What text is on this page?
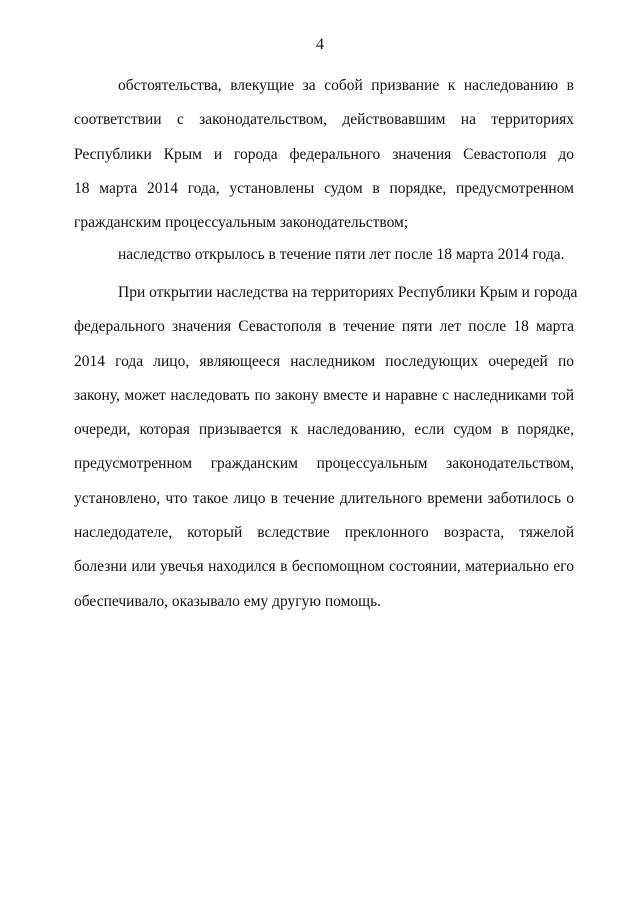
4
обстоятельства, влекущие за собой призвание к наследованию в
соответствии с законодательством, действовавшим на территориях
Республики Крым и города федерального значения Севастополя до
18 марта 2014 года, установлены судом в порядке, предусмотренном
гражданским процессуальным законодательством;
наследство открылось в течение пяти лет после 18 марта 2014 года.
При открытии наследства на территориях Республики Крым и города
федерального значения Севастополя в течение пяти лет после 18 марта
2014 года лицо, являющееся наследником последующих очередей по
закону, может наследовать по закону вместе и наравне с наследниками той
очереди, которая призывается к наследованию, если судом в порядке,
предусмотренном гражданским процессуальным законодательством,
установлено, что такое лицо в течение длительного времени заботилось о
наследодателе, который вследствие преклонного возраста, тяжелой
болезни или увечья находился в беспомощном состоянии, материально его
обеспечивало, оказывало ему другую помощь.
